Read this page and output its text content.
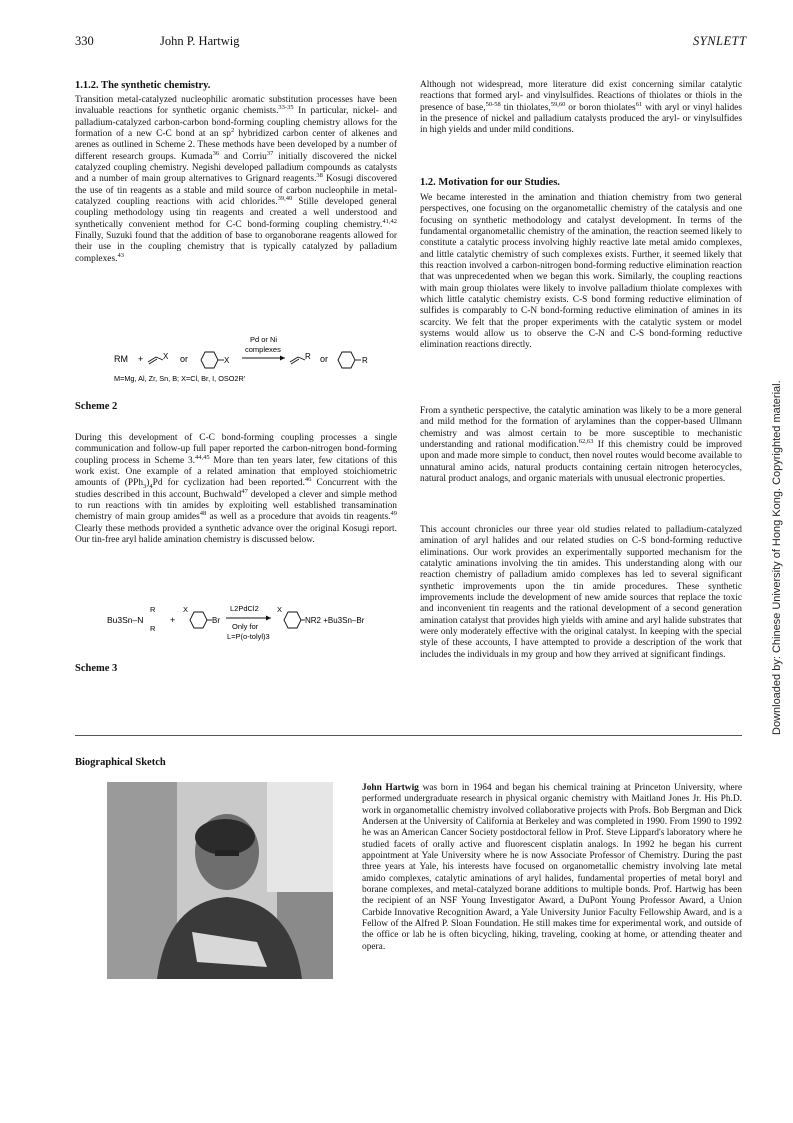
330	John P. Hartwig	SYNLETT
1.1.2. The synthetic chemistry.

Transition metal-catalyzed nucleophilic aromatic substitution processes have been invaluable reactions for synthetic organic chemists.$^{33-35}$ In particular, nickel- and palladium-catalyzed carbon-carbon bond-forming coupling chemistry allows for the formation of a new C-C bond at an $sp^2$ hybridized carbon center of alkenes and arenes as outlined in Scheme 2. These methods have been developed by a number of different research groups. Kumada$^{36}$ and Corriu$^{37}$ initially discovered the nickel catalyzed coupling chemistry. Negishi developed palladium compounds as catalysts and a number of main group alternatives to Grignard reagents.$^{38}$ Kosugi discovered the use of tin reagents as a stable and mild source of carbon nucleophile in metal-catalyzed coupling reactions with acid chlorides.$^{39,40}$ Stille developed general coupling methodology using tin reagents and created a well understood and synthetically convenient method for C-C bond-forming coupling chemistry.$^{41,42}$ Finally, Suzuki found that the addition of base to organoborane reagents allowed for their use in the coupling chemistry that is typically catalyzed by palladium complexes.$^{43}$

RM + X or	X
Pd or Ni
complexes
R or	R
M=Mg, Al, Zr, Sn, B; X=Cl, Br, I, OSO2R'
Scheme 2

During this development of C-C bond-forming coupling processes a single communication and follow-up full paper reported the carbon-nitrogen bond-forming coupling process in Scheme 3.$^{44,45}$ More than ten years later, few citations of this work exist. One example of a related amination that employed stoichiometric amounts of $(PPh_3)_4Pd$ for cyclization had been reported.$^{46}$ Concurrent with the studies described in this account, Buchwald$^{47}$ developed a clever and simple method to run reactions with tin amides by exploiting well established transamination chemistry of main group amides$^{48}$ as well as a procedure that avoids tin reagents.$^{49}$ Clearly these methods provided a synthetic advance over the original Kosugi report. Our tin-free aryl halide amination chemistry is discussed below.

Bu3Sn–N
R
R
+
X
Br
L2PdCl2
Only for
L=P(o-tolyl)3
X
NR2 +Bu3Sn–Br
Scheme 3

Although not widespread, more literature did exist concerning similar catalytic reactions that formed aryl- and vinylsulfides. Reactions of thiolates or thiols in the presence of base,$^{50-58}$ tin thiolates,$^{59,60}$ or boron thiolates$^{61}$ with aryl or vinyl halides in the presence of nickel and palladium catalysts produced the aryl- or vinylsulfides in high yields and under mild conditions.

1.2. Motivation for our Studies.

We became interested in the amination and thiation chemistry from two general perspectives, one focusing on the organometallic chemistry of the catalysis and one focusing on synthetic methodology and catalyst development. In terms of the fundamental organometallic chemistry of the amination, the reaction seemed likely to constitute a catalytic process involving highly reactive late metal amido complexes, and little catalytic chemistry of such complexes exists. Further, it seemed likely that this reaction involved a carbon-nitrogen bond-forming reductive elimination reaction that was unprecedented when we began this work. Similarly, the coupling reactions with main group thiolates were likely to involve palladium thiolate complexes with which little catalytic chemistry exists. C-S bond forming reductive elimination of sulfides is comparably to C-N bond-forming reductive elimination of amines in its scarcity. We felt that the proper experiments with the catalytic system or model systems would allow us to observe the C-N and C-S bond-forming reductive elimination reactions directly.

From a synthetic perspective, the catalytic amination was likely to be a more general and mild method for the formation of arylamines than the copper-based Ullmann chemistry and was almost certain to be more susceptible to mechanistic understanding and rational modification.$^{62,63}$ If this chemistry could be improved upon and made more simple to conduct, then novel routes would become available to unnatural amino acids, natural products containing certain nitrogen heterocycles, natural product analogs, and organic materials with unusual electronic properties.

This account chronicles our three year old studies related to palladium-catalyzed amination of aryl halides and our related studies on C-S bond-forming reductive eliminations. Our work provides an experimentally supported mechanism for the catalytic aminations involving the tin amides. This understanding along with our reaction chemistry of palladium amido complexes has led to several significant synthetic improvements upon the tin amide procedures. These synthetic improvements include the development of new amide sources that replace the toxic and inconvenient tin reagents and the rational development of a second generation amination catalyst that provides high yields with amine and aryl halide substrates that were only moderately effective with the original catalyst. In keeping with the special style of these accounts, I have attempted to provide a description of the work that includes the individuals in my group and how they arrived at significant findings.	Downloaded by: Chinese University of Hong Kong. Copyrighted material.
Biographical Sketch

John Hartwig was born in 1964 and began his chemical training at Princeton University, where performed undergraduate research in physical organic chemistry with Maitland Jones Jr. His Ph.D. work in organometallic chemistry involved collaborative projects with Profs. Bob Bergman and Dick Andersen at the University of California at Berkeley and was completed in 1990. From 1990 to 1992 he was an American Cancer Society postdoctoral fellow in Prof. Steve Lippard's laboratory where he studied facets of orally active and fluorescent cisplatin analogs. In 1992 he began his current appointment at Yale University where he is now Associate Professor of Chemistry. During the past three years at Yale, his interests have focused on organometallic chemistry involving late metal amido complexes, catalytic aminations of aryl halides, fundamental properties of metal boryl and borane complexes, and metal-catalyzed borane additions to multiple bonds. Prof. Hartwig has been the recipient of an NSF Young Investigator Award, a DuPont Young Professor Award, a Union Carbide Innovative Recognition Award, a Yale University Junior Faculty Fellowship Award, and is a Fellow of the Alfred P. Sloan Foundation. He still makes time for experimental work, and outside of the office or lab he is often bicycling, hiking, traveling, cooking at home, or attending theater and opera.
